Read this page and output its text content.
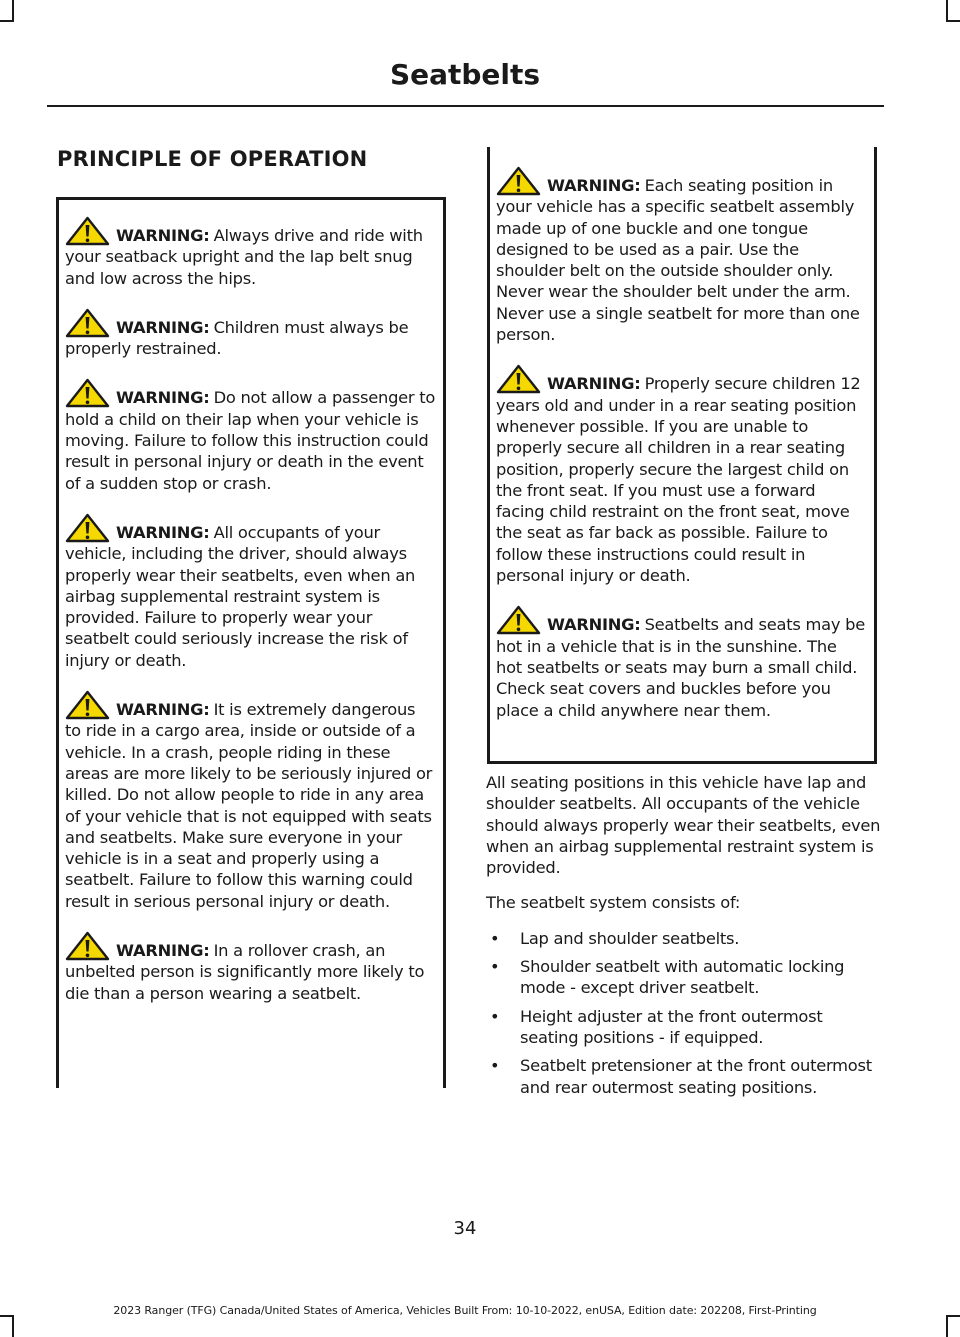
Seatbelts
PRINCIPLE OF OPERATION

WARNING: Always drive and ride with your seatback upright and the lap belt snug and low across the hips.

WARNING: Children must always be properly restrained.

WARNING: Do not allow a passenger to hold a child on their lap when your vehicle is moving. Failure to follow this instruction could result in personal injury or death in the event of a sudden stop or crash.

WARNING: All occupants of your vehicle, including the driver, should always properly wear their seatbelts, even when an airbag supplemental restraint system is provided. Failure to properly wear your seatbelt could seriously increase the risk of injury or death.

WARNING: It is extremely dangerous to ride in a cargo area, inside or outside of a vehicle. In a crash, people riding in these areas are more likely to be seriously injured or killed. Do not allow people to ride in any area of your vehicle that is not equipped with seats and seatbelts. Make sure everyone in your vehicle is in a seat and properly using a seatbelt. Failure to follow this warning could result in serious personal injury or death.

WARNING: In a rollover crash, an unbelted person is significantly more likely to die than a person wearing a seatbelt.

WARNING: Each seating position in your vehicle has a specific seatbelt assembly made up of one buckle and one tongue designed to be used as a pair. Use the shoulder belt on the outside shoulder only. Never wear the shoulder belt under the arm. Never use a single seatbelt for more than one person.

WARNING: Properly secure children 12 years old and under in a rear seating position whenever possible. If you are unable to properly secure all children in a rear seating position, properly secure the largest child on the front seat. If you must use a forward facing child restraint on the front seat, move the seat as far back as possible. Failure to follow these instructions could result in personal injury or death.

WARNING: Seatbelts and seats may be hot in a vehicle that is in the sunshine. The hot seatbelts or seats may burn a small child. Check seat covers and buckles before you place a child anywhere near them.

All seating positions in this vehicle have lap and shoulder seatbelts. All occupants of the vehicle should always properly wear their seatbelts, even when an airbag supplemental restraint system is provided.

The seatbelt system consists of:

• Lap and shoulder seatbelts.
• Shoulder seatbelt with automatic locking mode - except driver seatbelt.
• Height adjuster at the front outermost seating positions - if equipped.
• Seatbelt pretensioner at the front outermost and rear outermost seating positions.
34
2023 Ranger (TFG) Canada/United States of America, Vehicles Built From: 10-10-2022, enUSA, Edition date: 202208, First-Printing
